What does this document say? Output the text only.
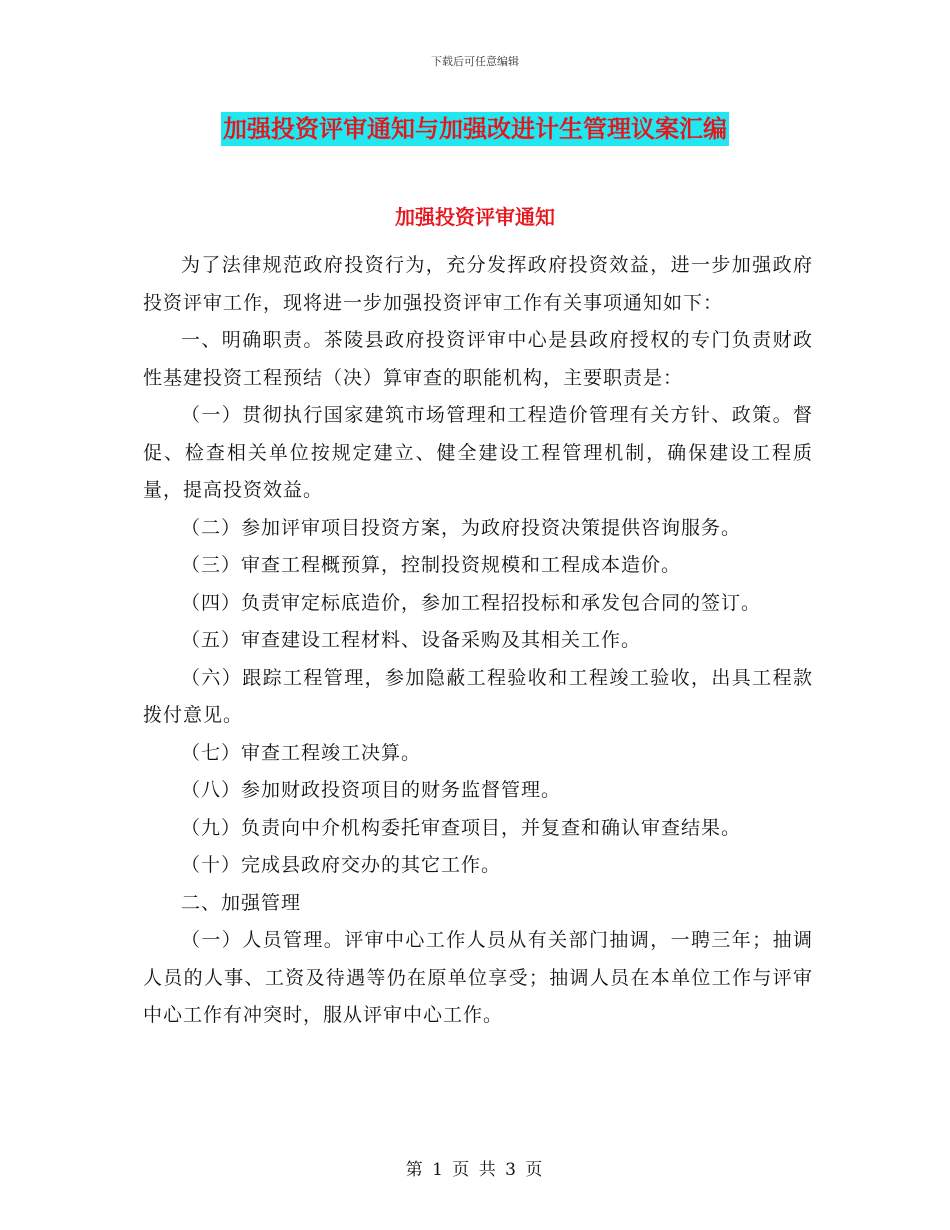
下载后可任意编辑
加强投资评审通知与加强改进计生管理议案汇编
加强投资评审通知

为了法律规范政府投资行为，充分发挥政府投资效益，进一步加强政府投资评审工作，现将进一步加强投资评审工作有关事项通知如下：

一、明确职责。茶陵县政府投资评审中心是县政府授权的专门负责财政性基建投资工程预结（决）算审查的职能机构，主要职责是：

（一）贯彻执行国家建筑市场管理和工程造价管理有关方针、政策。督促、检查相关单位按规定建立、健全建设工程管理机制，确保建设工程质量，提高投资效益。

（二）参加评审项目投资方案，为政府投资决策提供咨询服务。

（三）审查工程概预算，控制投资规模和工程成本造价。

（四）负责审定标底造价，参加工程招投标和承发包合同的签订。

（五）审查建设工程材料、设备采购及其相关工作。

（六）跟踪工程管理，参加隐蔽工程验收和工程竣工验收，出具工程款拨付意见。

（七）审查工程竣工决算。

（八）参加财政投资项目的财务监督管理。

（九）负责向中介机构委托审查项目，并复查和确认审查结果。

（十）完成县政府交办的其它工作。

二、加强管理

（一）人员管理。评审中心工作人员从有关部门抽调，一聘三年；抽调人员的人事、工资及待遇等仍在原单位享受；抽调人员在本单位工作与评审中心工作有冲突时，服从评审中心工作。

第 1 页 共 3 页
